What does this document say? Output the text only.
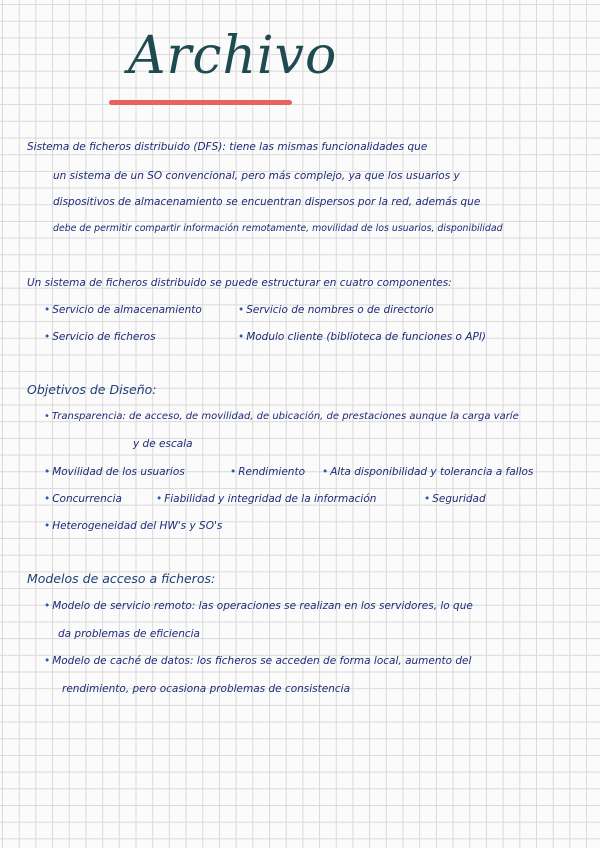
Archivo
Sistema de ficheros distribuido (DFS): tiene las mismas funcionalidades que
un sistema de un SO convencional, pero más complejo, ya que los usuarios y
dispositivos de almacenamiento se encuentran dispersos por la red, además que
debe de permitir compartir información remotamente, movilidad de los usuarios, disponibilidad
Un sistema de ficheros distribuido se puede estructurar en cuatro componentes:
• Servicio de almacenamiento	• Servicio de nombres o de directorio
• Servicio de ficheros	• Modulo cliente (biblioteca de funciones o API)
Objetivos de Diseño:
• Transparencia: de acceso, de movilidad, de ubicación, de prestaciones aunque la carga varíe
y de escala
• Movilidad de los usuarios	• Rendimiento • Alta disponibilidad y tolerancia a fallos
• Concurrencia	• Fiabilidad y integridad de la información	• Seguridad
• Heterogeneidad del HW's y SO's
Modelos de acceso a ficheros:
• Modelo de servicio remoto: las operaciones se realizan en los servidores, lo que
da problemas de eficiencia
• Modelo de caché de datos: los ficheros se acceden de forma local, aumento del
rendimiento, pero ocasiona problemas de consistencia
